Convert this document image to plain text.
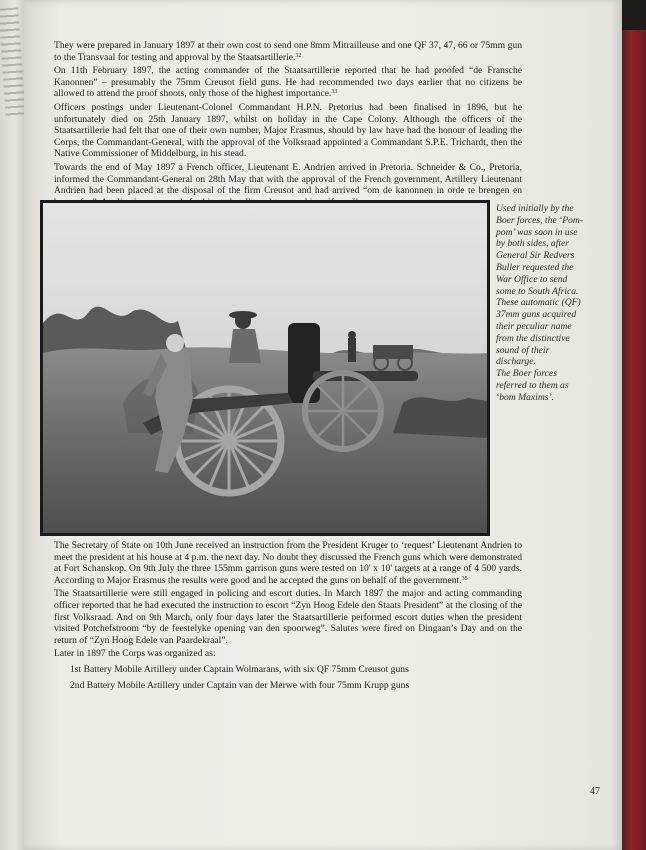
They were prepared in January 1897 at their own cost to send one 8mm Mitrailleuse and one QF 37, 47, 66 or 75mm gun to the Transvaal for testing and approval by the Staatsartillerie.$^{32}$

On 11th February 1897, the acting commander of the Staatsartillerie reported that he had proofed “de Fransche Kanonnen” – presumably the 75mm Creusot field guns. He had recommended two days earlier that no citizens be allowed to attend the proof shoots, only those of the highest importance.$^{33}$

Officers postings under Lieutenant-Colonel Commandant H.P.N. Pretorius had been finalised in 1896, but he unfortunately died on 25th January 1897, whilst on holiday in the Cape Colony. Although the officers of the Staatsartillerie had felt that one of their own number, Major Erasmus, should by law have had the honour of leading the Corps, the Commandant-General, with the approval of the Volksraad appointed a Commandant S.P.E. Trichardt, then the Native Commissioner of Middelburg, in his stead.

Towards the end of May 1897 a French officer, Lieutenant E. Andrien arrived in Pretoria. Schneider & Co., Pretoria, informed the Commandant-General on 28th May that with the approval of the French government, Artillery Lieutenant Andrien had been placed at the disposal of the firm Creusot and had arrived “om de kanonnen in orde te brengen en

Used initially by the

Boer forces, the ‘Pom-

pom’ was soon in use

by both sides, after

General Sir Redvers

Buller requested the

War Office to send

some to South Africa.

These automatic (QF)

37mm guns acquired

their peculiar name

from the distinctive

sound of their

discharge.

The Boer forces

referred to them as

‘bom Maxims’.

The Secretary of State on 10th June received an instruction from the President Kruger to ‘request’ Lieutenant Andrien to meet the president at his house at 4 p.m. the next day. No doubt they discussed the French guns which were demonstrated at Fort Schanskop. On 9th July the three 155mm garrison guns were tested on 10' x 10' targets at a range of 4 500 yards. According to Major Erasmus the results were good and he accepted the guns on behalf of the government.$^{35}$

The Staatsartillerie were still engaged in policing and escort duties. In March 1897 the major and acting commanding officer reported that he had executed the instruction to escort “Zyn Hoog Edele den Staats President” at the closing of the first Volksraad. And on 9th March, only four days later the Staatsartillerie performed escort duties when the president visited Potchefstroom “by de feestelyke opening van den spoorweg”. Salutes were fired on Dingaan’s Day and on the return of “Zyn Hoog Edele van Paardekraal”.

Later in 1897 the Corps was organized as:

1st Battery Mobile Artillery under Captain Wolmarans, with six QF 75mm Creusot guns

2nd Battery Mobile Artillery under Captain van der Merwe with four 75mm Krupp guns

47
